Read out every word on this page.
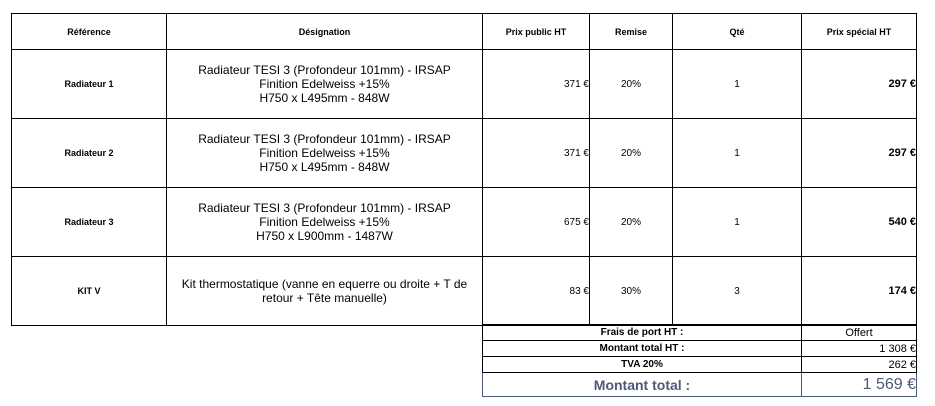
Référence	Désignation	Prix public HT	Remise	Qté	Prix spécial HT
Radiateur 1	Radiateur TESI 3 (Profondeur 101mm) - IRSAP
Finition Edelweiss +15%
H750 x L495mm - 848W	371 €	20%	1	297 €
Radiateur 2	Radiateur TESI 3 (Profondeur 101mm) - IRSAP
Finition Edelweiss +15%
H750 x L495mm - 848W	371 €	20%	1	297 €
Radiateur 3	Radiateur TESI 3 (Profondeur 101mm) - IRSAP
Finition Edelweiss +15%
H750 x L900mm - 1487W	675 €	20%	1	540 €
KIT V	Kit thermostatique (vanne en equerre ou droite + T de
retour + Tête manuelle)	83 €	30%	3	174 €
Frais de port HT :	Offert
Montant total HT :	1 308 €
TVA 20%	262 €
Montant total :	1 569 €
